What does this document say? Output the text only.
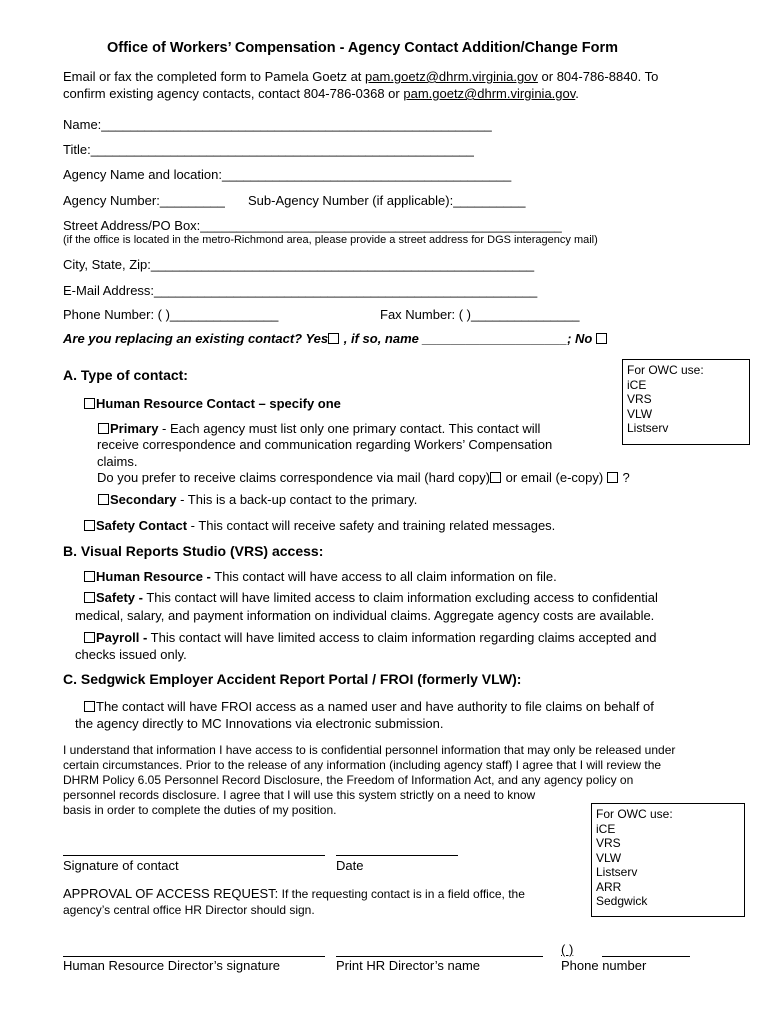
Office of Workers’ Compensation - Agency Contact Addition/Change Form
Email or fax the completed form to Pamela Goetz at pam.goetz@dhrm.virginia.gov or 804-786-8840. To
confirm existing agency contacts, contact 804-786-0368 or pam.goetz@dhrm.virginia.gov.
Name:______________________________________________________
Title:_____________________________________________________
Agency Name and location:________________________________________
Agency Number:_________ Sub-Agency Number (if applicable):__________
Street Address/PO Box:__________________________________________________
(if the office is located in the metro-Richmond area, please provide a street address for DGS interagency mail)
City, State, Zip:_____________________________________________________
E-Mail Address:_____________________________________________________
Phone Number: ( )_______________	Fax Number: ( )_______________
Are you replacing an existing contact? Yes , if so, name ____________________; No
For OWC use:
iCE
VRS
VLW
Listserv
A. Type of contact:
Human Resource Contact – specify one
Primary - Each agency must list only one primary contact. This contact will
receive correspondence and communication regarding Workers’ Compensation
claims.
Do you prefer to receive claims correspondence via mail (hard copy) or email (e-copy)  ?
Secondary - This is a back-up contact to the primary.
Safety Contact - This contact will receive safety and training related messages.
B. Visual Reports Studio (VRS) access:
Human Resource - This contact will have access to all claim information on file.
Safety - This contact will have limited access to claim information excluding access to confidential
medical, salary, and payment information on individual claims. Aggregate agency costs are available.
Payroll - This contact will have limited access to claim information regarding claims accepted and
checks issued only.
C. Sedgwick Employer Accident Report Portal / FROI (formerly VLW):
The contact will have FROI access as a named user and have authority to file claims on behalf of
the agency directly to MC Innovations via electronic submission.
I understand that information I have access to is confidential personnel information that may only be released under
certain circumstances. Prior to the release of any information (including agency staff) I agree that I will review the
DHRM Policy 6.05 Personnel Record Disclosure, the Freedom of Information Act, and any agency policy on
personnel records disclosure. I agree that I will use this system strictly on a need to know
basis in order to complete the duties of my position.	For OWC use:
iCE
VRS
VLW
Listserv
ARR
Sedgwick
Signature of contact	Date
APPROVAL OF ACCESS REQUEST: If the requesting contact is in a field office, the
agency’s central office HR Director should sign.
( )
Human Resource Director’s signature	Print HR Director’s name	Phone number
